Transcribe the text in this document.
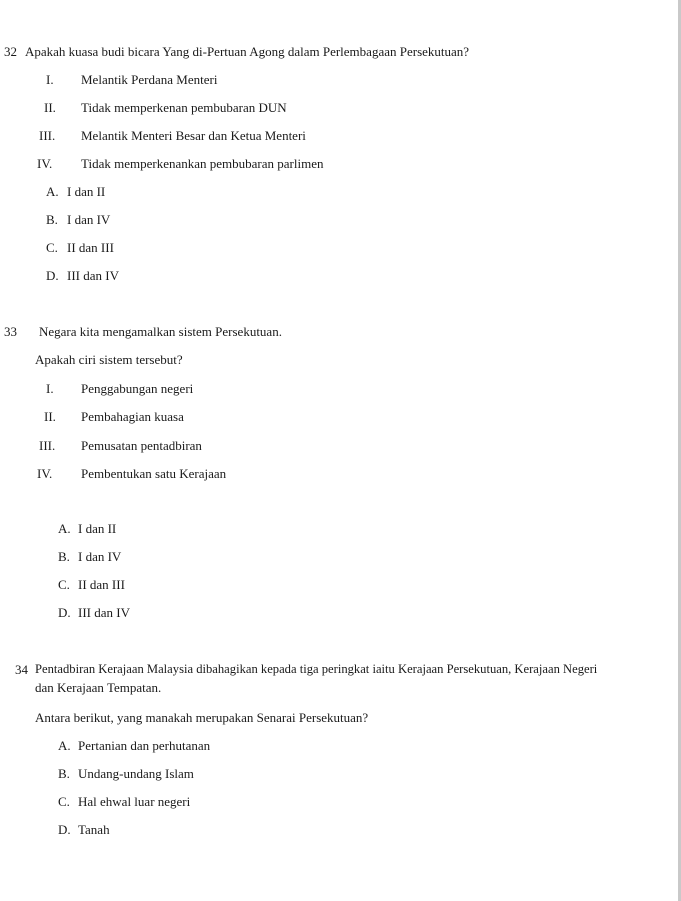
32 Apakah kuasa budi bicara Yang di-Pertuan Agong dalam Perlembagaan Persekutuan?
I. Melantik Perdana Menteri
II. Tidak memperkenan pembubaran DUN
III. Melantik Menteri Besar dan Ketua Menteri
IV. Tidak memperkenankan pembubaran parlimen
A. I dan II
B. I dan IV
C. II dan III
D. III dan IV
33 Negara kita mengamalkan sistem Persekutuan.
Apakah ciri sistem tersebut?
I. Penggabungan negeri
II. Pembahagian kuasa
III. Pemusatan pentadbiran
IV. Pembentukan satu Kerajaan
A. I dan II
B. I dan IV
C. II dan III
D. III dan IV
34 Pentadbiran Kerajaan Malaysia dibahagikan kepada tiga peringkat iaitu Kerajaan Persekutuan, Kerajaan Negeri
dan Kerajaan Tempatan.
Antara berikut, yang manakah merupakan Senarai Persekutuan?
A. Pertanian dan perhutanan
B. Undang-undang Islam
C. Hal ehwal luar negeri
D. Tanah
